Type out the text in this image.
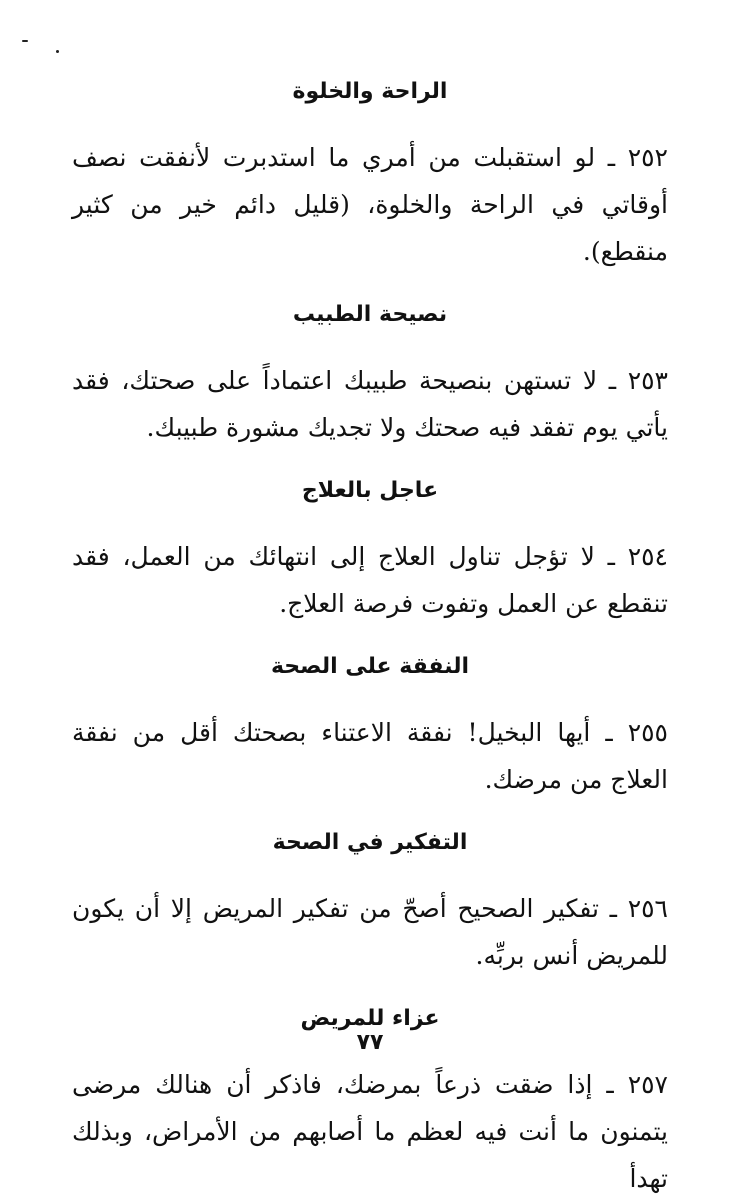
الراحة والخلوة

٢٥٢ ـ لو استقبلت من أمري ما استدبرت لأنفقت نصف أوقاتي في الراحة والخلوة، (قليل دائم خير من كثير منقطع).

نصيحة الطبيب

٢٥٣ ـ لا تستهن بنصيحة طبيبك اعتماداً على صحتك، فقد يأتي يوم تفقد فيه صحتك ولا تجديك مشورة طبيبك.

عاجل بالعلاج

٢٥٤ ـ لا تؤجل تناول العلاج إلى انتهائك من العمل، فقد تنقطع عن العمل وتفوت فرصة العلاج.

النفقة على الصحة

٢٥٥ ـ أيها البخيل! نفقة الاعتناء بصحتك أقل من نفقة العلاج من مرضك.

التفكير في الصحة

٢٥٦ ـ تفكير الصحيح أصحّ من تفكير المريض إلا أن يكون للمريض أنس بربِّه.

عزاء للمريض

٢٥٧ ـ إذا ضقت ذرعاً بمرضك، فاذكر أن هنالك مرضى يتمنون ما أنت فيه لعظم ما أصابهم من الأمراض، وبذلك تهدأ

٧٧
